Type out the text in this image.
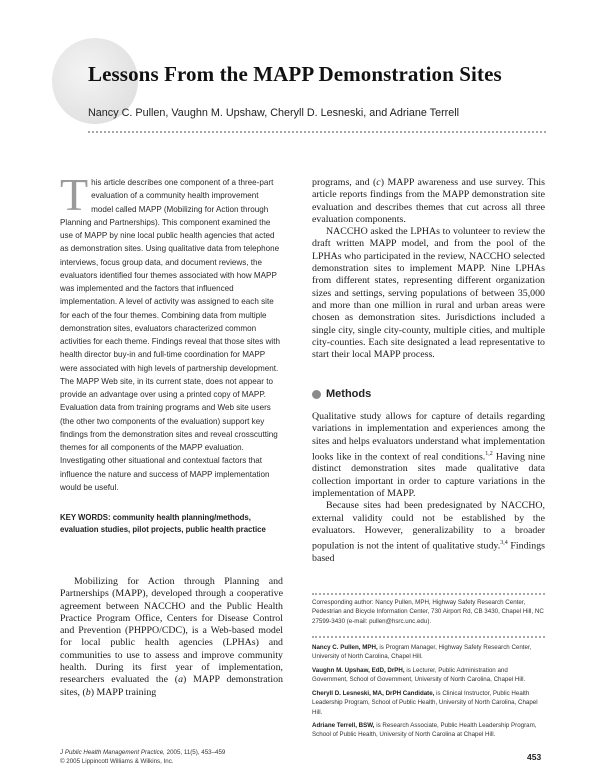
Lessons From the MAPP Demonstration Sites
Nancy C. Pullen, Vaughn M. Upshaw, Cheryll D. Lesneski, and Adriane Terrell
This article describes one component of a three-part evaluation of a community health improvement model called MAPP (Mobilizing for Action through Planning and Partnerships). This component examined the use of MAPP by nine local public health agencies that acted as demonstration sites. Using qualitative data from telephone interviews, focus group data, and document reviews, the evaluators identified four themes associated with how MAPP was implemented and the factors that influenced implementation. A level of activity was assigned to each site for each of the four themes. Combining data from multiple demonstration sites, evaluators characterized common activities for each theme. Findings reveal that those sites with health director buy-in and full-time coordination for MAPP were associated with high levels of partnership development. The MAPP Web site, in its current state, does not appear to provide an advantage over using a printed copy of MAPP. Evaluation data from training programs and Web site users (the other two components of the evaluation) support key findings from the demonstration sites and reveal crosscutting themes for all components of the MAPP evaluation. Investigating other situational and contextual factors that influence the nature and success of MAPP implementation would be useful.
KEY WORDS: community health planning/methods, evaluation studies, pilot projects, public health practice

Mobilizing for Action through Planning and Partnerships (MAPP), developed through a cooperative agreement between NACCHO and the Public Health Practice Program Office, Centers for Disease Control and Prevention (PHPPO/CDC), is a Web-based model for local public health agencies (LPHAs) and communities to use to assess and improve community health. During its first year of implementation, researchers evaluated the (a) MAPP demonstration sites, (b) MAPP training

programs, and (c) MAPP awareness and use survey. This article reports findings from the MAPP demonstration site evaluation and describes themes that cut across all three evaluation components.

NACCHO asked the LPHAs to volunteer to review the draft written MAPP model, and from the pool of the LPHAs who participated in the review, NACCHO selected demonstration sites to implement MAPP. Nine LPHAs from different states, representing different organization sizes and settings, serving populations of between 35,000 and more than one million in rural and urban areas were chosen as demonstration sites. Jurisdictions included a single city, single city-county, multiple cities, and multiple city-counties. Each site designated a lead representative to start their local MAPP process.

Methods

Qualitative study allows for capture of details regarding variations in implementation and experiences among the sites and helps evaluators understand what implementation looks like in the context of real conditions.$^{1,2}$ Having nine distinct demonstration sites made qualitative data collection important in order to capture variations in the implementation of MAPP.

Because sites had been predesignated by NACCHO, external validity could not be established by the evaluators. However, generalizability to a broader population is not the intent of qualitative study.$^{3,4}$ Findings based

Corresponding author: Nancy Pullen, MPH, Highway Safety Research Center, Pedestrian and Bicycle Information Center, 730 Airport Rd, CB 3430, Chapel Hill, NC 27599-3430 (e-mail: pullen@hsrc.unc.edu).
Nancy C. Pullen, MPH, is Program Manager, Highway Safety Research Center, University of North Carolina, Chapel Hill.
Vaughn M. Upshaw, EdD, DrPH, is Lecturer, Public Administration and Government, School of Government, University of North Carolina, Chapel Hill.
Cheryll D. Lesneski, MA, DrPH Candidate, is Clinical Instructor, Public Health Leadership Program, School of Public Health, University of North Carolina, Chapel Hill.
Adriane Terrell, BSW, is Research Associate, Public Health Leadership Program, School of Public Health, University of North Carolina at Chapel Hill.
J Public Health Management Practice, 2005, 11(5), 453–459
© 2005 Lippincott Williams & Wilkins, Inc.	453
